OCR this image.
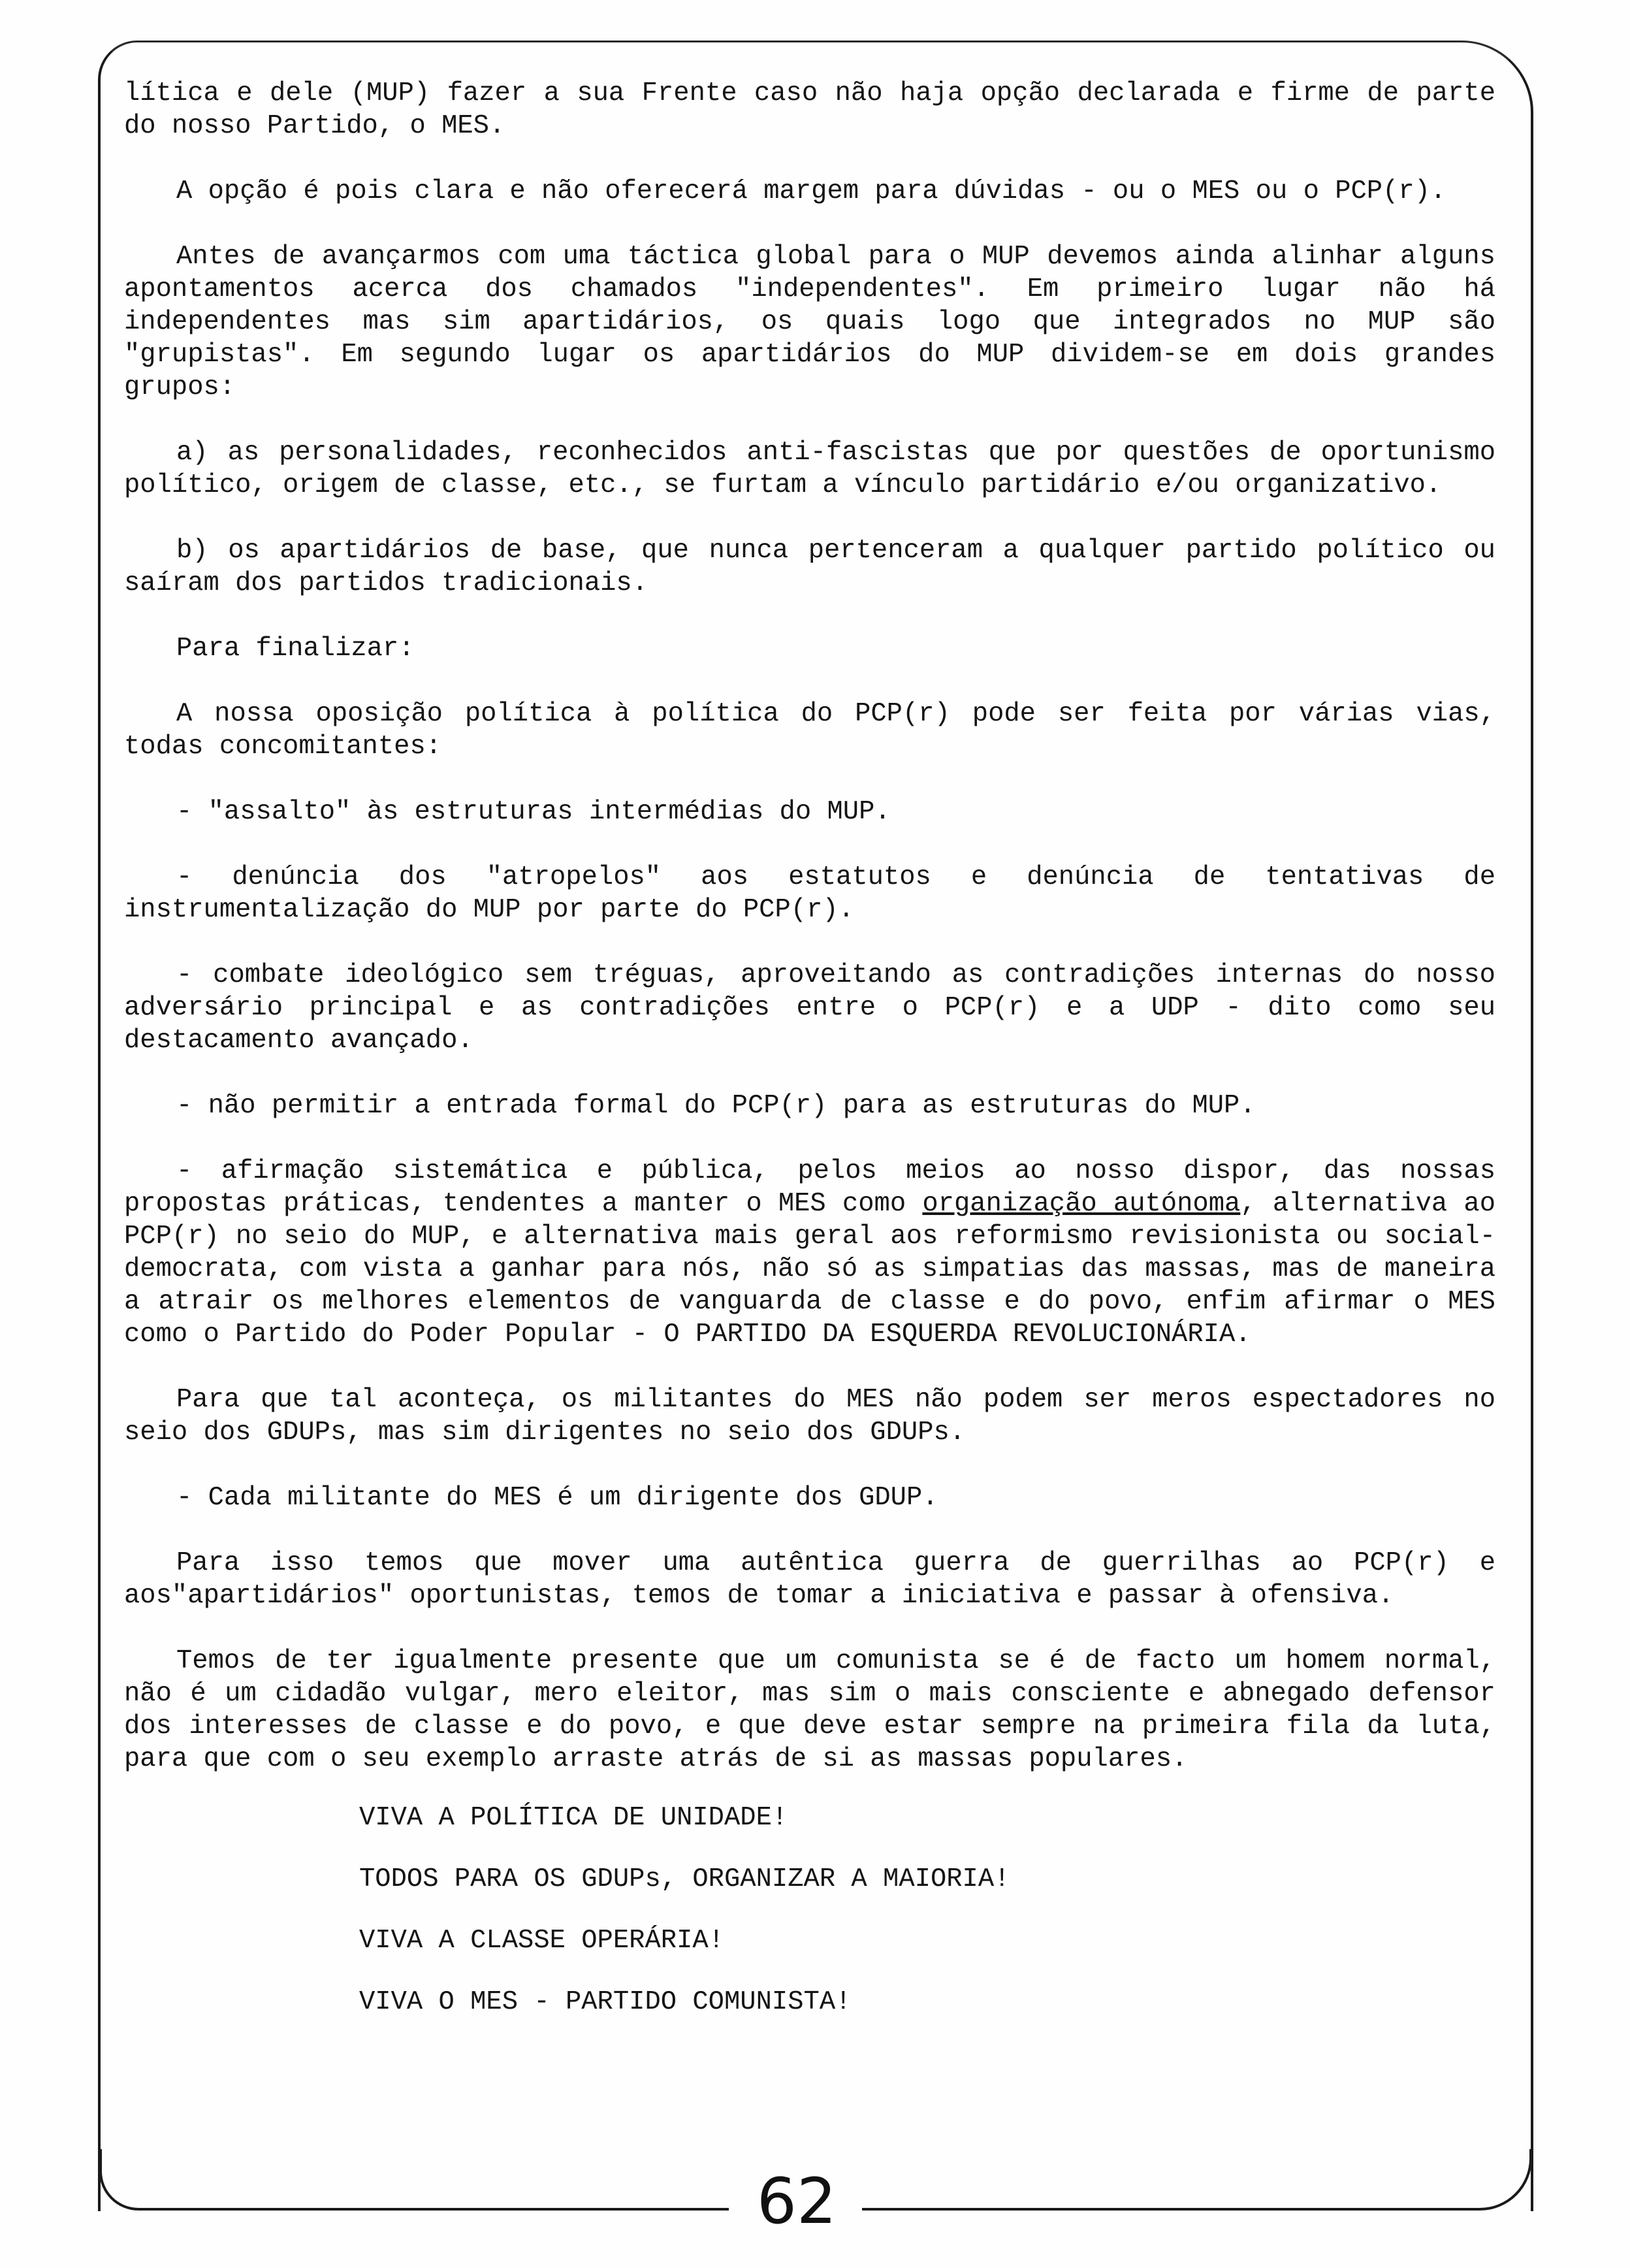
lítica e dele (MUP) fazer a sua Frente caso não haja opção declarada e firme de parte do nosso Partido, o MES.

A opção é pois clara e não oferecerá margem para dúvidas - ou o MES ou o PCP(r).

Antes de avançarmos com uma táctica global para o MUP devemos ainda alinhar alguns apontamentos acerca dos chamados "independentes". Em primeiro lugar não há independentes mas sim apartidários, os quais logo que integrados no MUP são "grupistas". Em segundo lugar os apartidários do MUP dividem-se em dois grandes grupos:

a) as personalidades, reconhecidos anti-fascistas que por questões de oportunismo político, origem de classe, etc., se furtam a vínculo partidário e/ou organizativo.

b) os apartidários de base, que nunca pertenceram a qualquer partido político ou saíram dos partidos tradicionais.

Para finalizar:

A nossa oposição política à política do PCP(r) pode ser feita por várias vias, todas concomitantes:

- "assalto" às estruturas intermédias do MUP.

- denúncia dos "atropelos" aos estatutos e denúncia de tentativas de instrumentalização do MUP por parte do PCP(r).

- combate ideológico sem tréguas, aproveitando as contradições internas do nosso adversário principal e as contradições entre o PCP(r) e a UDP - dito como seu destacamento avançado.

- não permitir a entrada formal do PCP(r) para as estruturas do MUP.

- afirmação sistemática e pública, pelos meios ao nosso dispor, das nossas propostas práticas, tendentes a manter o MES como organização autónoma, alternativa ao PCP(r) no seio do MUP, e alternativa mais geral aos reformismo revisionista ou social-democrata, com vista a ganhar para nós, não só as simpatias das massas, mas de maneira a atrair os melhores elementos de vanguarda de classe e do povo, enfim afirmar o MES como o Partido do Poder Popular - O PARTIDO DA ESQUERDA REVOLUCIONÁRIA.

Para que tal aconteça, os militantes do MES não podem ser meros espectadores no seio dos GDUPs, mas sim dirigentes no seio dos GDUPs.

- Cada militante do MES é um dirigente dos GDUP.

Para isso temos que mover uma autêntica guerra de guerrilhas ao PCP(r) e aos"apartidários" oportunistas, temos de tomar a iniciativa e passar à ofensiva.

Temos de ter igualmente presente que um comunista se é de facto um homem normal, não é um cidadão vulgar, mero eleitor, mas sim o mais consciente e abnegado defensor dos interesses de classe e do povo, e que deve estar sempre na primeira fila da luta, para que com o seu exemplo arraste atrás de si as massas populares.

VIVA A POLÍTICA DE UNIDADE!
TODOS PARA OS GDUPs, ORGANIZAR A MAIORIA!
VIVA A CLASSE OPERÁRIA!
VIVA O MES - PARTIDO COMUNISTA!
62
